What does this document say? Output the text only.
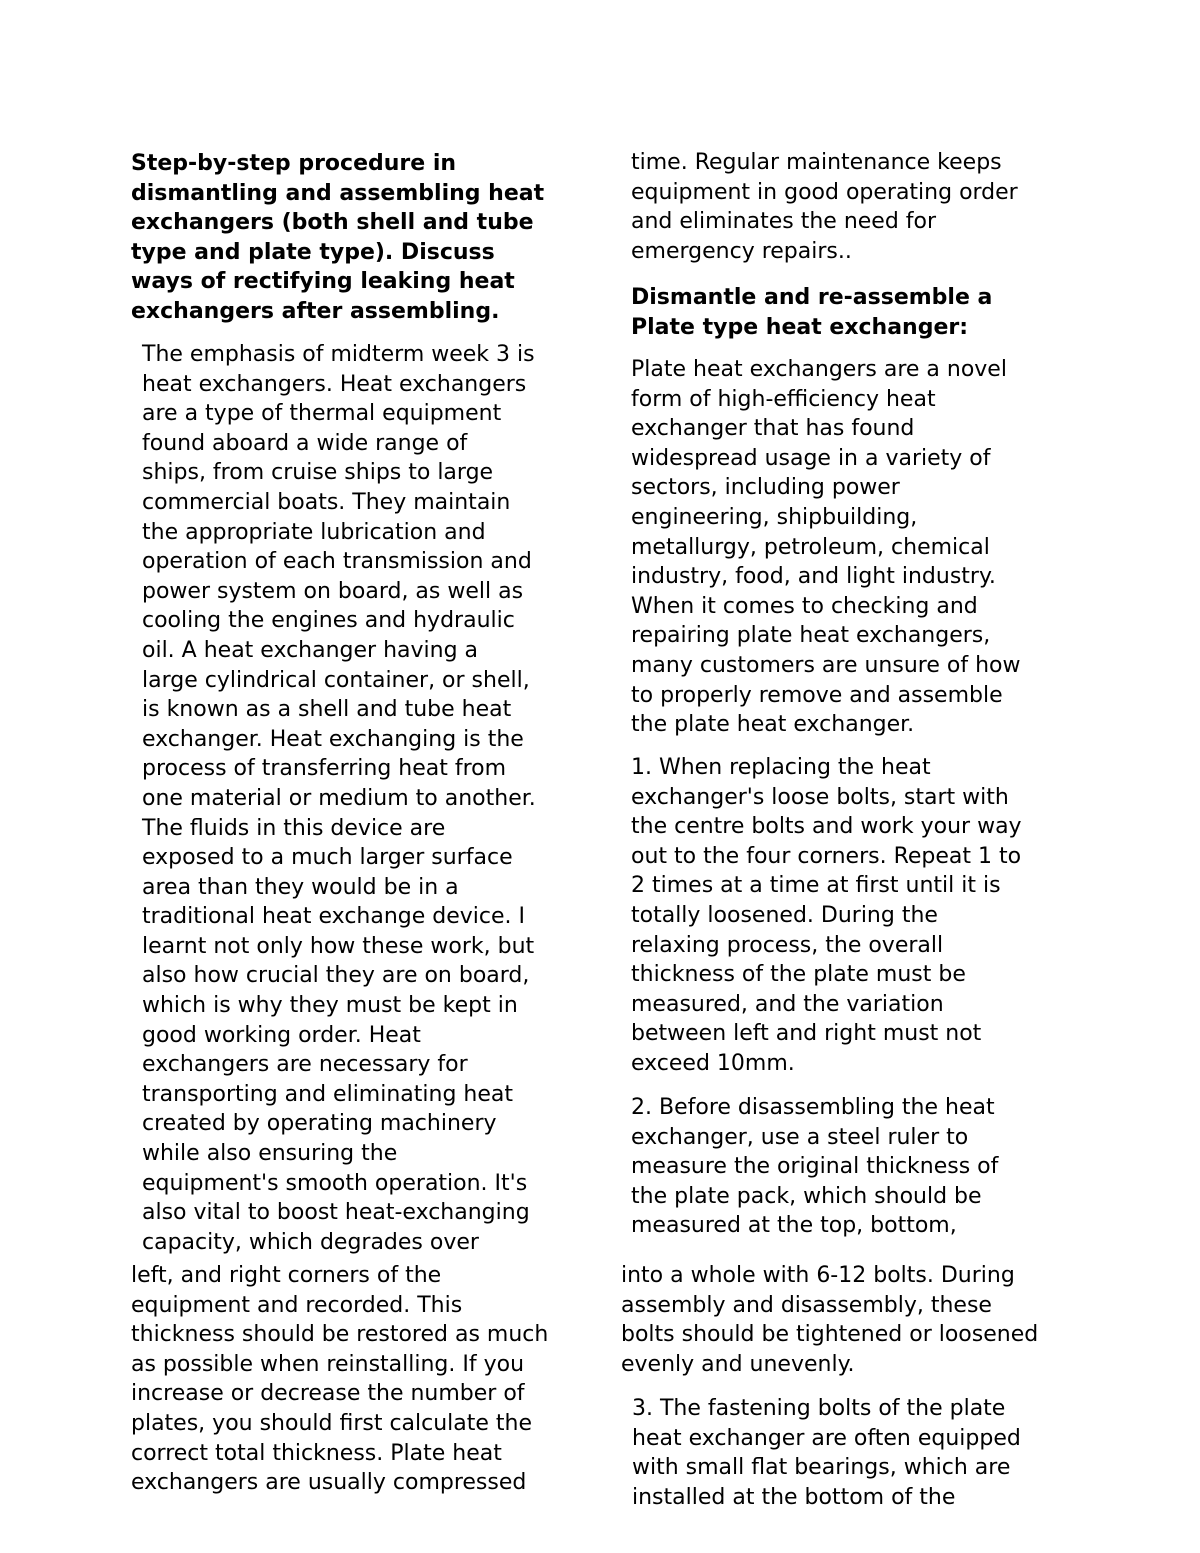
Step-by-step procedure in
dismantling and assembling heat
exchangers (both shell and tube
type and plate type). Discuss
ways of rectifying leaking heat
exchangers after assembling.
The emphasis of midterm week 3 is
heat exchangers. Heat exchangers
are a type of thermal equipment
found aboard a wide range of
ships, from cruise ships to large
commercial boats. They maintain
the appropriate lubrication and
operation of each transmission and
power system on board, as well as
cooling the engines and hydraulic
oil. A heat exchanger having a
large cylindrical container, or shell,
is known as a shell and tube heat
exchanger. Heat exchanging is the
process of transferring heat from
one material or medium to another.
The fluids in this device are
exposed to a much larger surface
area than they would be in a
traditional heat exchange device. I
learnt not only how these work, but
also how crucial they are on board,
which is why they must be kept in
good working order. Heat
exchangers are necessary for
transporting and eliminating heat
created by operating machinery
while also ensuring the
equipment's smooth operation. It's
also vital to boost heat-exchanging
capacity, which degrades over
time. Regular maintenance keeps
equipment in good operating order
and eliminates the need for
emergency repairs..
Dismantle and re-assemble a
Plate type heat exchanger:
Plate heat exchangers are a novel
form of high-efficiency heat
exchanger that has found
widespread usage in a variety of
sectors, including power
engineering, shipbuilding,
metallurgy, petroleum, chemical
industry, food, and light industry.
When it comes to checking and
repairing plate heat exchangers,
many customers are unsure of how
to properly remove and assemble
the plate heat exchanger.
1. When replacing the heat
exchanger's loose bolts, start with
the centre bolts and work your way
out to the four corners. Repeat 1 to
2 times at a time at first until it is
totally loosened. During the
relaxing process, the overall
thickness of the plate must be
measured, and the variation
between left and right must not
exceed 10mm.
2. Before disassembling the heat
exchanger, use a steel ruler to
measure the original thickness of
the plate pack, which should be
measured at the top, bottom,
left, and right corners of the
equipment and recorded. This
thickness should be restored as much
as possible when reinstalling. If you
increase or decrease the number of
plates, you should first calculate the
correct total thickness. Plate heat
exchangers are usually compressed
into a whole with 6-12 bolts. During
assembly and disassembly, these
bolts should be tightened or loosened
evenly and unevenly.
3. The fastening bolts of the plate
heat exchanger are often equipped
with small flat bearings, which are
installed at the bottom of the
